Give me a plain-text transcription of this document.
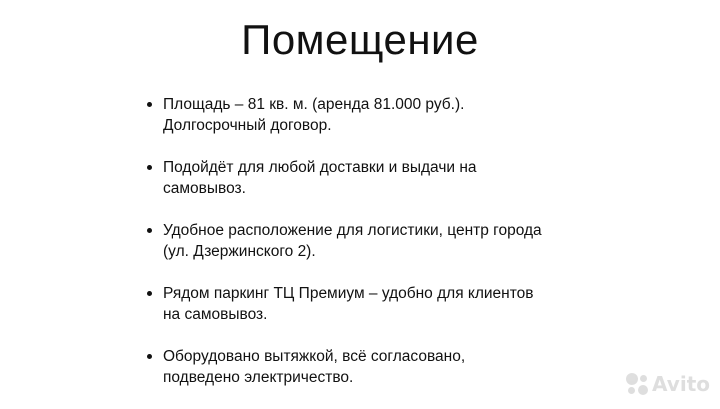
Помещение
Площадь – 81 кв. м. (аренда 81.000 руб.).
Долгосрочный договор.
Подойдёт для любой доставки и выдачи на
самовывоз.
Удобное расположение для логистики, центр города
(ул. Дзержинского 2).
Рядом паркинг ТЦ Премиум – удобно для клиентов
на самовывоз.
Оборудовано вытяжкой, всё согласовано,
подведено электричество.	Avito
